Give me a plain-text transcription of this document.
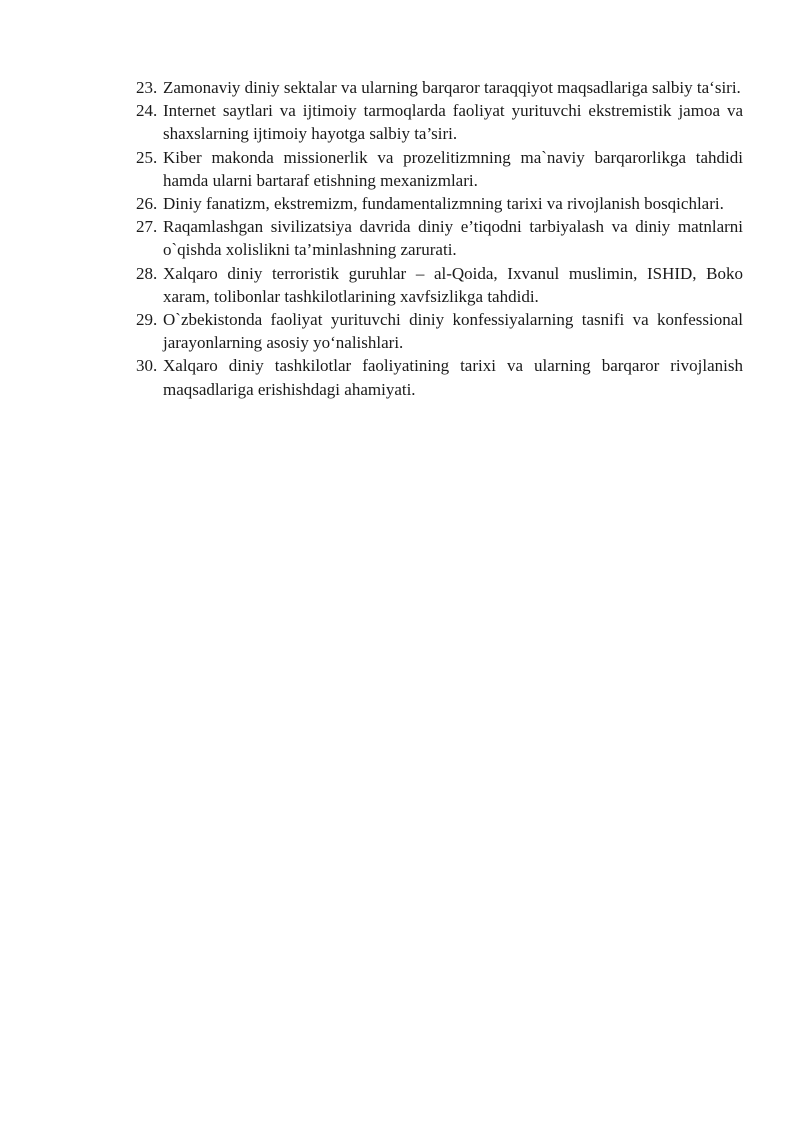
23. Zamonaviy diniy sektalar va ularning barqaror taraqqiyot maqsadlariga salbiy ta‘siri.
24. Internet saytlari va ijtimoiy tarmoqlarda faoliyat yurituvchi ekstremistik jamoa va shaxslarning ijtimoiy hayotga salbiy ta’siri.
25. Kiber makonda missionerlik va prozelitizmning ma`naviy barqarorlikga tahdidi hamda ularni bartaraf etishning mexanizmlari.
26. Diniy fanatizm, ekstremizm, fundamentalizmning tarixi va rivojlanish bosqichlari.
27. Raqamlashgan sivilizatsiya davrida diniy e’tiqodni tarbiyalash va diniy matnlarni o`qishda xolislikni ta’minlashning zarurati.
28. Xalqaro diniy terroristik guruhlar – al-Qoida, Ixvanul muslimin, ISHID, Boko xaram, tolibonlar tashkilotlarining xavfsizlikga tahdidi.
29. O`zbekistonda faoliyat yurituvchi diniy konfessiyalarning tasnifi va konfessional jarayonlarning asosiy yo‘nalishlari.
30. Xalqaro diniy tashkilotlar faoliyatining tarixi va ularning barqaror rivojlanish maqsadlariga erishishdagi ahamiyati.
